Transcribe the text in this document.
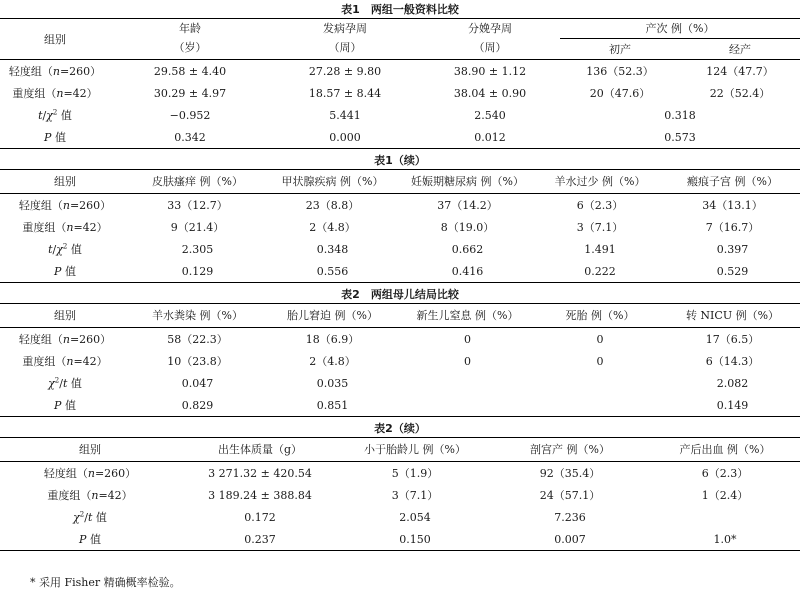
表1　两组一般资料比较
组别	年龄	发病孕周	分娩孕周	产次 例（%）	
	（岁）	（周）	（周）	初产	经产

轻度组（n=260）	29.58 ± 4.40	27.28 ± 9.80	38.90 ± 1.12	136（52.3）	124（47.7）
重度组（n=42）	30.29 ± 4.97	18.57 ± 8.44	38.04 ± 0.90	20（47.6）	22（52.4）
$t/\chi^2$ 值	−0.952	5.441	2.540	0.318	
P 值	0.342	0.000	0.012	0.573	
表1（续）
组别	皮肤瘙痒 例（%）	甲状腺疾病 例（%）	妊娠期糖尿病 例（%）	羊水过少 例（%）	瘢痕子宫 例（%）
轻度组（n=260）	33（12.7）	23（8.8）	37（14.2）	6（2.3）	34（13.1）
重度组（n=42）	9（21.4）	2（4.8）	8（19.0）	3（7.1）	7（16.7）
$t/\chi^2$ 值	2.305	0.348	0.662	1.491	0.397
P 值	0.129	0.556	0.416	0.222	0.529
表2　两组母儿结局比较
组别	羊水粪染 例（%）	胎儿窘迫 例（%）	新生儿窒息 例（%）	死胎 例（%）	转 NICU 例（%）
轻度组（n=260）	58（22.3）	18（6.9）	0	0	17（6.5）
重度组（n=42）	10（23.8）	2（4.8）	0	0	6（14.3）
$\chi^2/t$ 值	0.047	0.035			2.082
P 值	0.829	0.851			0.149
表2（续）
组别	出生体质量（g）	小于胎龄儿 例（%）	剖宫产 例（%）	产后出血 例（%）
轻度组（n=260）	3 271.32 ± 420.54	5（1.9）	92（35.4）	6（2.3）
重度组（n=42）	3 189.24 ± 388.84	3（7.1）	24（57.1）	1（2.4）
$\chi^2/t$ 值	0.172	2.054	7.236	
P 值	0.237	0.150	0.007	1.0*
* 采用 Fisher 精确概率检验。
